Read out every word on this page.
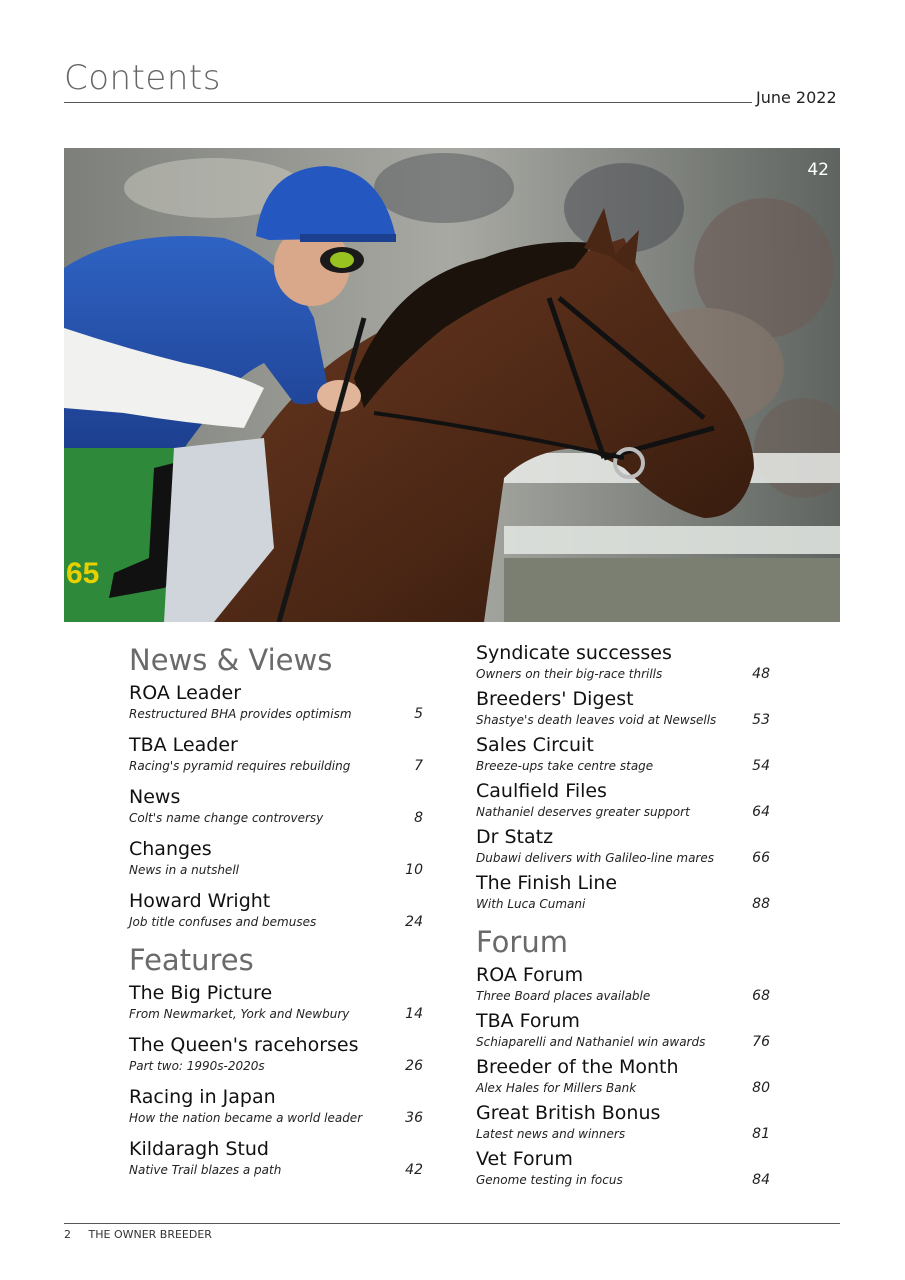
Contents	June 2022
65
42
News & Views
ROA Leader
Restructured BHA provides optimism	5
TBA Leader
Racing's pyramid requires rebuilding	7
News
Colt's name change controversy	8
Changes
News in a nutshell	10
Howard Wright
Job title confuses and bemuses	24
Features
The Big Picture
From Newmarket, York and Newbury	14
The Queen's racehorses
Part two: 1990s-2020s	26
Racing in Japan
How the nation became a world leader	36
Kildaragh Stud
Native Trail blazes a path	42
Syndicate successes
Owners on their big-race thrills	48
Breeders' Digest
Shastye's death leaves void at Newsells	53
Sales Circuit
Breeze-ups take centre stage	54
Caulfield Files
Nathaniel deserves greater support	64
Dr Statz
Dubawi delivers with Galileo-line mares	66
The Finish Line
With Luca Cumani	88
Forum
ROA Forum
Three Board places available	68
TBA Forum
Schiaparelli and Nathaniel win awards	76
Breeder of the Month
Alex Hales for Millers Bank	80
Great British Bonus
Latest news and winners	81
Vet Forum
Genome testing in focus	84
2 THE OWNER BREEDER
